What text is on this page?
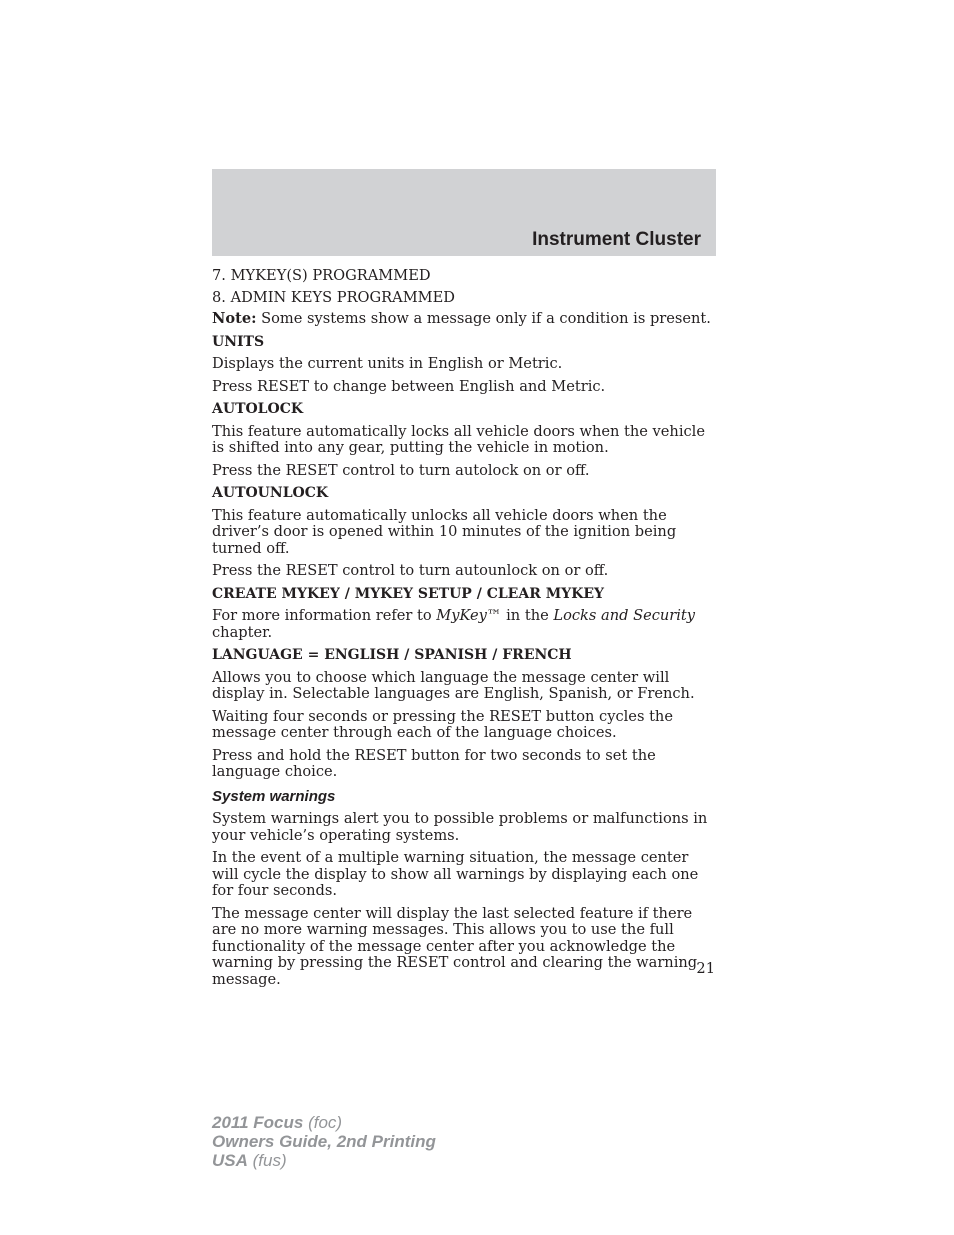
Instrument Cluster

7. MYKEY(S) PROGRAMMED

8. ADMIN KEYS PROGRAMMED

Note: Some systems show a message only if a condition is present.

UNITS

Displays the current units in English or Metric.

Press RESET to change between English and Metric.

AUTOLOCK

This feature automatically locks all vehicle doors when the vehicle is shifted into any gear, putting the vehicle in motion.

Press the RESET control to turn autolock on or off.

AUTOUNLOCK

This feature automatically unlocks all vehicle doors when the driver’s door is opened within 10 minutes of the ignition being turned off.

Press the RESET control to turn autounlock on or off.

CREATE MYKEY / MYKEY SETUP / CLEAR MYKEY

For more information refer to MyKey™ in the Locks and Security chapter.

LANGUAGE = ENGLISH / SPANISH / FRENCH

Allows you to choose which language the message center will display in. Selectable languages are English, Spanish, or French.

Waiting four seconds or pressing the RESET button cycles the message center through each of the language choices.

Press and hold the RESET button for two seconds to set the language choice.

System warnings

System warnings alert you to possible problems or malfunctions in your vehicle’s operating systems.

In the event of a multiple warning situation, the message center will cycle the display to show all warnings by displaying each one for four seconds.

The message center will display the last selected feature if there are no more warning messages. This allows you to use the full functionality of the message center after you acknowledge the warning by pressing the RESET control and clearing the warning message.

21
2011 Focus (foc)
Owners Guide, 2nd Printing
USA (fus)
